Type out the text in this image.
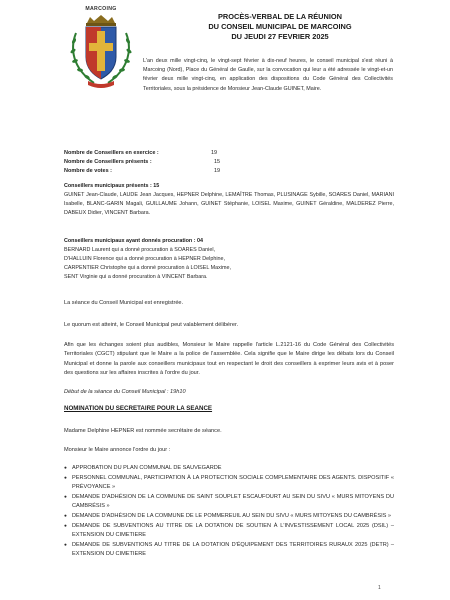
MARCOING
PROCÈS-VERBAL DE LA RÉUNION
DU CONSEIL MUNICIPAL DE MARCOING
DU JEUDI 27 FEVRIER 2025
L'an deux mille vingt-cinq, le vingt-sept février à dix-neuf heures, le conseil municipal s'est réuni à Marcoing (Nord), Place du Général de Gaulle, sur la convocation qui leur a été adressée le vingt-et-un février deux mille vingt-cinq, en application des dispositions du Code Général des Collectivités Territoriales, sous la présidence de Monsieur Jean-Claude GUINET, Maire.
Nombre de Conseillers en exercice :	19
Nombre de Conseillers présents :	15
Nombre de votes :	19
Conseillers municipaux présents : 15
GUINET Jean-Claude, LAUDE Jean Jacques, HEPNER Delphine, LEMAÎTRE Thomas, PLUSINAGE Sybille, SOARES Daniel, MARIANI Isabelle, BLANC-GARIN Magali, GUILLAUME Johann, GUINET Stéphanie, LOISEL Maxime, GUINET Géraldine, MALDEREZ Pierre, DABEUX Didier, VINCENT Barbara.
Conseillers municipaux ayant donnés procuration : 04
BERNARD Laurent qui a donné procuration à SOARES Daniel,
D'HALLUIN Florence qui a donné procuration à HEPNER Delphine,
CARPENTIER Christophe qui a donné procuration à LOISEL Maxime,
SENT Virginie qui a donné procuration à VINCENT Barbara.
La séance du Conseil Municipal est enregistrée.
Le quorum est atteint, le Conseil Municipal peut valablement délibérer.
Afin que les échanges soient plus audibles, Monsieur le Maire rappelle l'article L.2121-16 du Code Général des Collectivités Territoriales (CGCT) stipulant que le Maire a la police de l'assemblée. Cela signifie que le Maire dirige les débats lors du Conseil Municipal et donne la parole aux conseillers municipaux tout en respectant le droit des conseillers à exprimer leurs avis et à poser des questions sur les affaires inscrites à l'ordre du jour.
Début de la séance du Conseil Municipal : 19h10
NOMINATION DU SECRETAIRE POUR LA SEANCE
Madame Delphine HEPNER est nommée secrétaire de séance.
Monsieur le Maire annonce l'ordre du jour :
● APPROBATION DU PLAN COMMUNAL DE SAUVEGARDE
● PERSONNEL COMMUNAL, PARTICIPATION À LA PROTECTION SOCIALE COMPLEMENTAIRE DES AGENTS. DISPOSITIF « PRÉVOYANCE »
● DEMANDE D'ADHÉSION DE LA COMMUNE DE SAINT SOUPLET ESCAUFOURT AU SEIN DU SIVU « MURS MITOYENS DU CAMBRÉSIS »
● DEMANDE D'ADHÉSION DE LA COMMUNE DE LE POMMEREUIL AU SEIN DU SIVU « MURS MITOYENS DU CAMBRÉSIS »
● DEMANDE DE SUBVENTIONS AU TITRE DE LA DOTATION DE SOUTIEN À L'INVESTISSEMENT LOCAL 2025 (DSIL) – EXTENSION DU CIMETIERE
● DEMANDE DE SUBVENTIONS AU TITRE DE LA DOTATION D'ÉQUIPEMENT DES TERRITOIRES RURAUX 2025 (DETR) – EXTENSION DU CIMETIERE
1
